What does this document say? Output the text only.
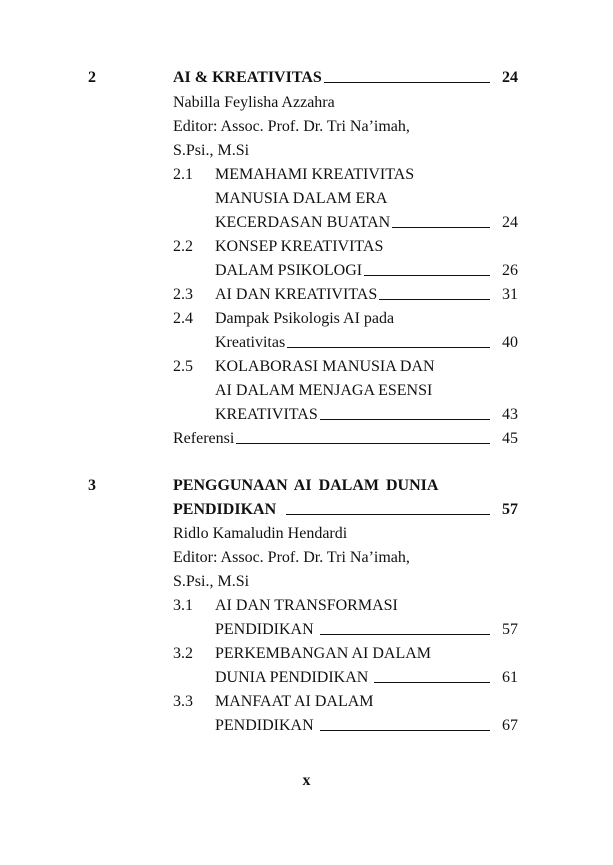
2	AI & KREATIVITAS	24
Nabilla Feylisha Azzahra
Editor: Assoc. Prof. Dr. Tri Na’imah,
S.Psi., M.Si
2.1 MEMAHAMI KREATIVITAS
MANUSIA DALAM ERA
KECERDASAN BUATAN	24
2.2 KONSEP KREATIVITAS
DALAM PSIKOLOGI	26
2.3 AI DAN KREATIVITAS	31
2.4 Dampak Psikologis AI pada
Kreativitas	40
2.5 KOLABORASI MANUSIA DAN
AI DALAM MENJAGA ESENSI
KREATIVITAS	43
Referensi	45
3	PENGGUNAAN AI DALAM DUNIA
PENDIDIKAN	57
Ridlo Kamaludin Hendardi
Editor: Assoc. Prof. Dr. Tri Na’imah,
S.Psi., M.Si
3.1 AI DAN TRANSFORMASI
PENDIDIKAN	57
3.2 PERKEMBANGAN AI DALAM
DUNIA PENDIDIKAN	61
3.3 MANFAAT AI DALAM
PENDIDIKAN	67
x
